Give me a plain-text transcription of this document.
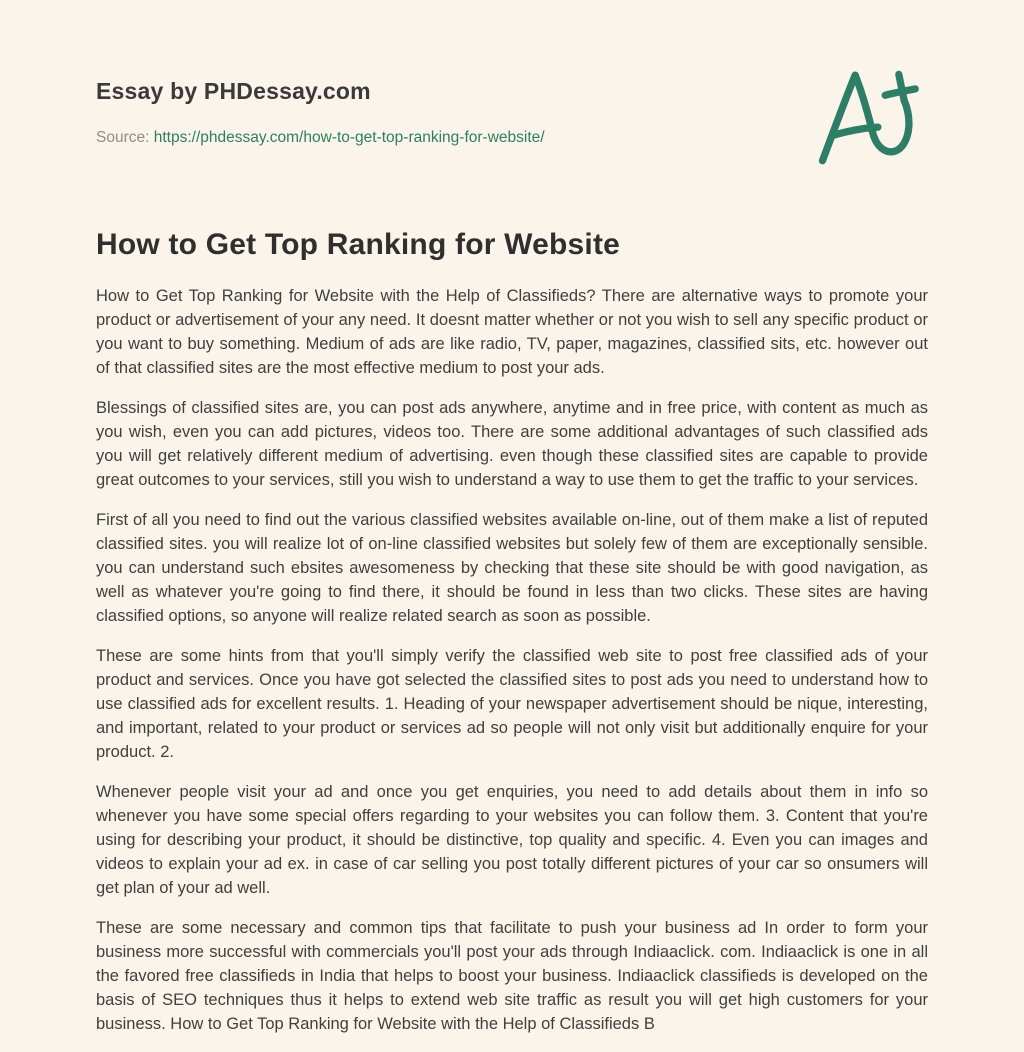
Essay by PHDessay.com
Source: https://phdessay.com/how-to-get-top-ranking-for-website/
How to Get Top Ranking for Website

How to Get Top Ranking for Website with the Help of Classifieds? There are alternative ways to promote your product or advertisement of your any need. It doesnt matter whether or not you wish to sell any specific product or you want to buy something. Medium of ads are like radio, TV, paper, magazines, classified sits, etc. however out of that classified sites are the most effective medium to post your ads.

Blessings of classified sites are, you can post ads anywhere, anytime and in free price, with content as much as you wish, even you can add pictures, videos too. There are some additional advantages of such classified ads you will get relatively different medium of advertising. even though these classified sites are capable to provide great outcomes to your services, still you wish to understand a way to use them to get the traffic to your services.

First of all you need to find out the various classified websites available on-line, out of them make a list of reputed classified sites. you will realize lot of on-line classified websites but solely few of them are exceptionally sensible. you can understand such ebsites awesomeness by checking that these site should be with good navigation, as well as whatever you're going to find there, it should be found in less than two clicks. These sites are having classified options, so anyone will realize related search as soon as possible.

These are some hints from that you'll simply verify the classified web site to post free classified ads of your product and services. Once you have got selected the classified sites to post ads you need to understand how to use classified ads for excellent results. 1. Heading of your newspaper advertisement should be nique, interesting, and important, related to your product or services ad so people will not only visit but additionally enquire for your product. 2.

Whenever people visit your ad and once you get enquiries, you need to add details about them in info so whenever you have some special offers regarding to your websites you can follow them. 3. Content that you're using for describing your product, it should be distinctive, top quality and specific. 4. Even you can images and videos to explain your ad ex. in case of car selling you post totally different pictures of your car so onsumers will get plan of your ad well.

These are some necessary and common tips that facilitate to push your business ad In order to form your business more successful with commercials you'll post your ads through Indiaaclick. com. Indiaaclick is one in all the favored free classifieds in India that helps to boost your business. Indiaaclick classifieds is developed on the basis of SEO techniques thus it helps to extend web site traffic as result you will get high customers for your business. How to Get Top Ranking for Website with the Help of Classifieds B
